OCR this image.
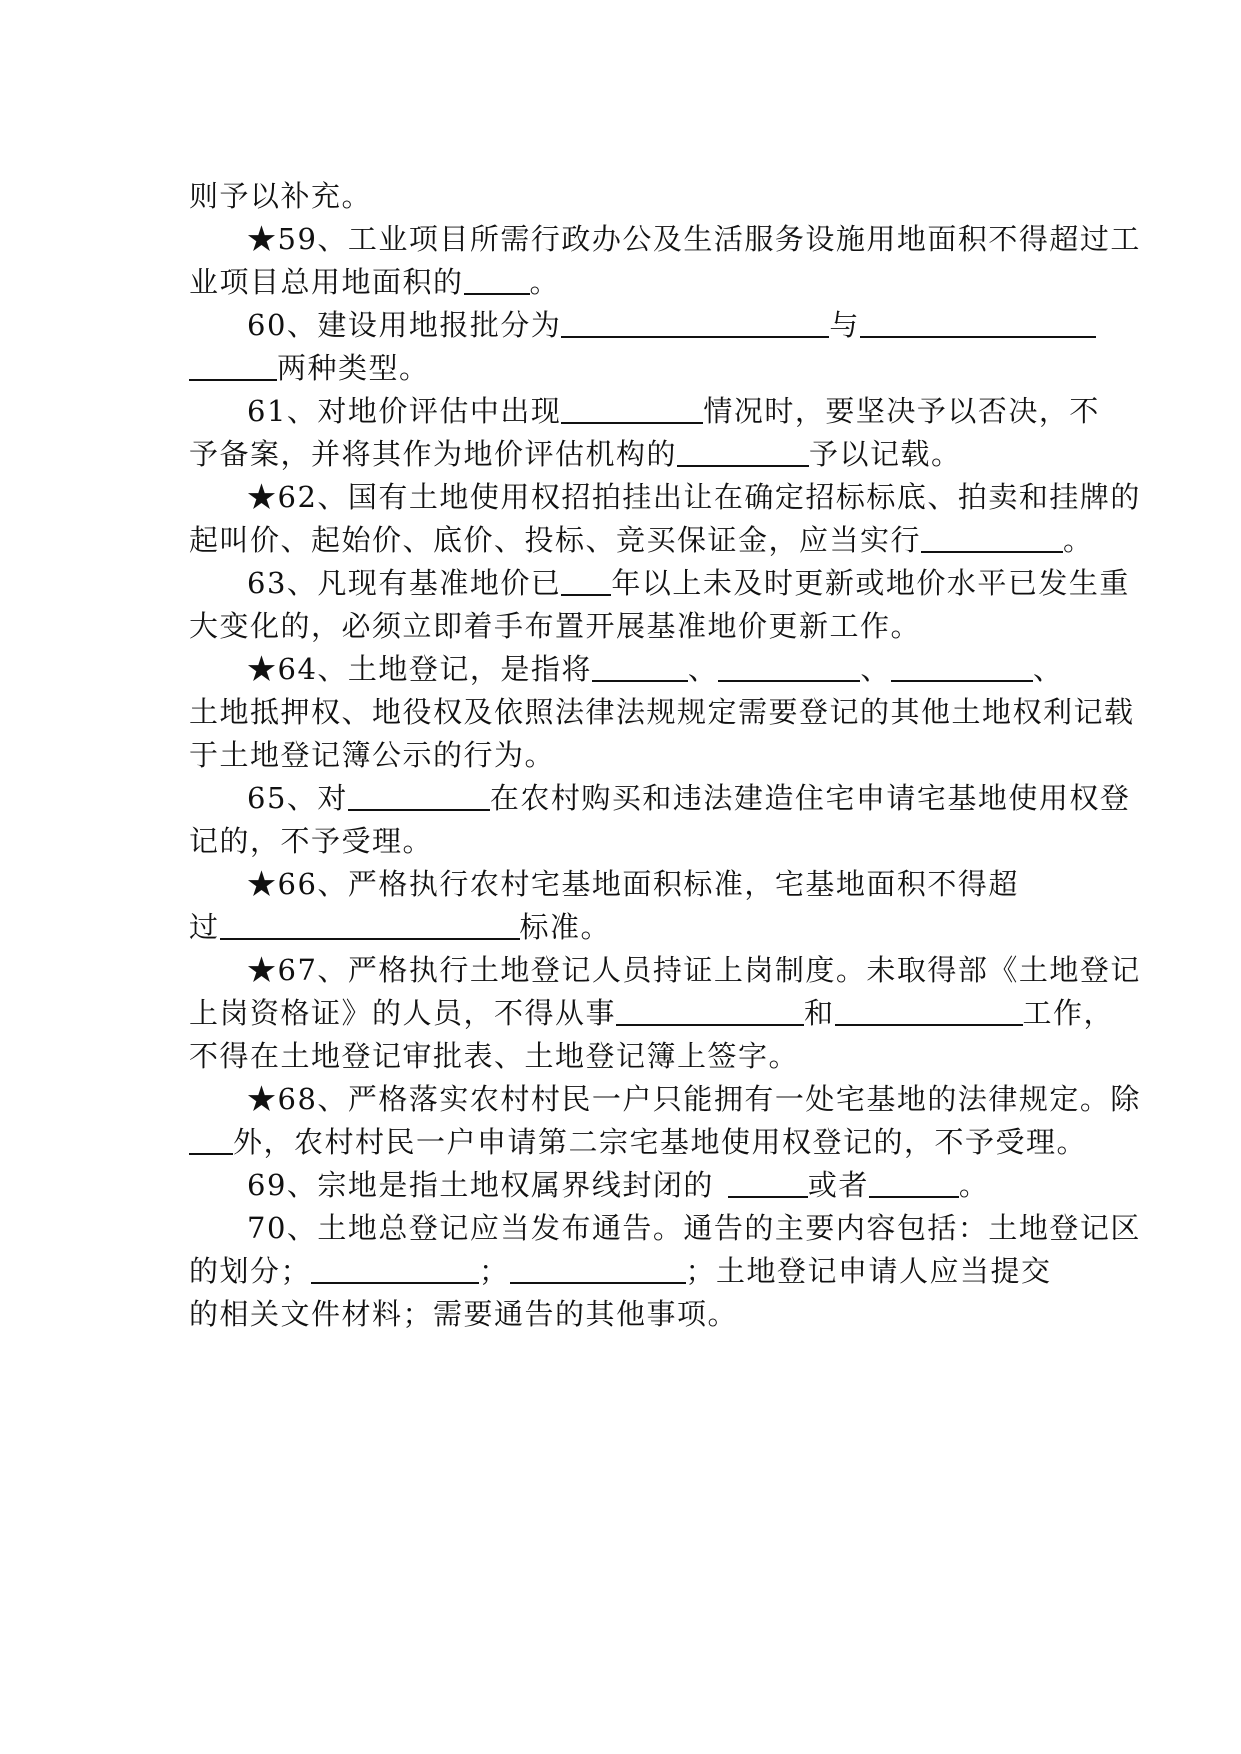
则予以补充。
★59、工业项目所需行政办公及生活服务设施用地面积不得超过工
业项目总用地面积的 。
60、建设用地报批分为	与
两种类型。
61、对地价评估中出现	情况时，要坚决予以否决，不
予备案，并将其作为地价评估机构的	予以记载。
★62、国有土地使用权招拍挂出让在确定招标标底、拍卖和挂牌的
起叫价、起始价、底价、投标、竞买保证金，应当实行	。
63、凡现有基准地价已 年以上未及时更新或地价水平已发生重
大变化的，必须立即着手布置开展基准地价更新工作。
★64、土地登记，是指将	、	、	、
土地抵押权、地役权及依照法律法规规定需要登记的其他土地权利记载
于土地登记簿公示的行为。
65、对	在农村购买和违法建造住宅申请宅基地使用权登
记的，不予受理。
★66、严格执行农村宅基地面积标准，宅基地面积不得超
过	标准。
★67、严格执行土地登记人员持证上岗制度。未取得部《土地登记
上岗资格证》的人员，不得从事	和	工作，
不得在土地登记审批表、土地登记簿上签字。
★68、严格落实农村村民一户只能拥有一处宅基地的法律规定。除
外，农村村民一户申请第二宗宅基地使用权登记的，不予受理。
69、宗地是指土地权属界线封闭的	或者	。
70、土地总登记应当发布通告。通告的主要内容包括：土地登记区
的划分；	；	；土地登记申请人应当提交
的相关文件材料；需要通告的其他事项。
